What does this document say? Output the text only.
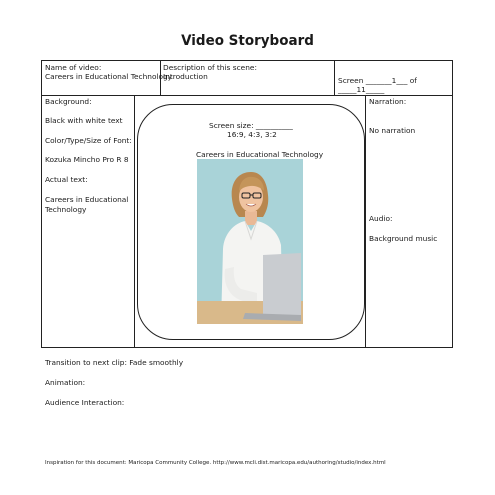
Video Storyboard
Name of video:
Careers in Educational Technology
Description of this scene:
Introduction	Screen _______1___ of
_____11_____
Background:
Black with white text
Color/Type/Size of Font:
Kozuka Mincho Pro R 8
Actual text:
Careers in Educational
Technology
Screen size: __________
16:9, 4:3, 3:2
Careers in Educational Technology
Narration:
No narration
Audio:
Background music
Transition to next clip: Fade smoothly
Animation:
Audience Interaction:
Inspiration for this document: Maricopa Community College. http://www.mcli.dist.maricopa.edu/authoring/studio/index.html
